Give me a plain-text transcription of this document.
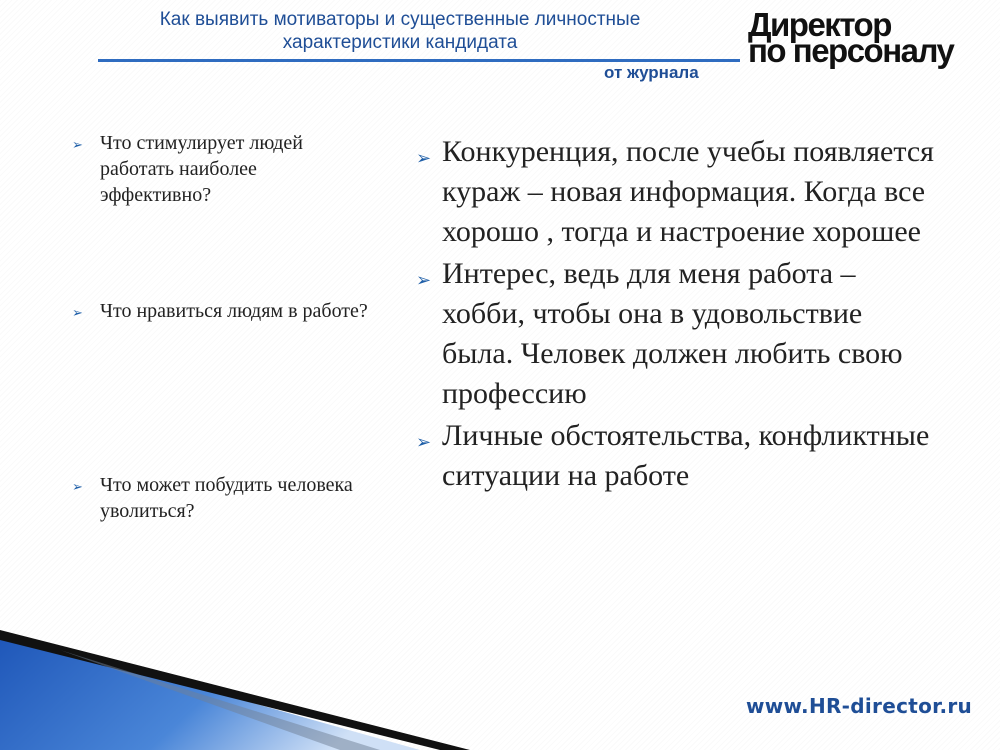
Как выявить мотиваторы и существенные личностные
характеристики кандидата
от журнала
Директор
по персоналу
➢ Что стимулирует людей работать наиболее эффективно?
➢ Что нравиться людям в работе?
➢ Что может побудить человека уволиться?
➢ Конкуренция, после учебы появляется кураж – новая информация. Когда все хорошо , тогда и настроение хорошее
➢ Интерес, ведь для меня работа – хобби, чтобы она в удовольствие была. Человек должен любить свою профессию
➢ Личные обстоятельства, конфликтные ситуации на работе
www.HR-director.ru
